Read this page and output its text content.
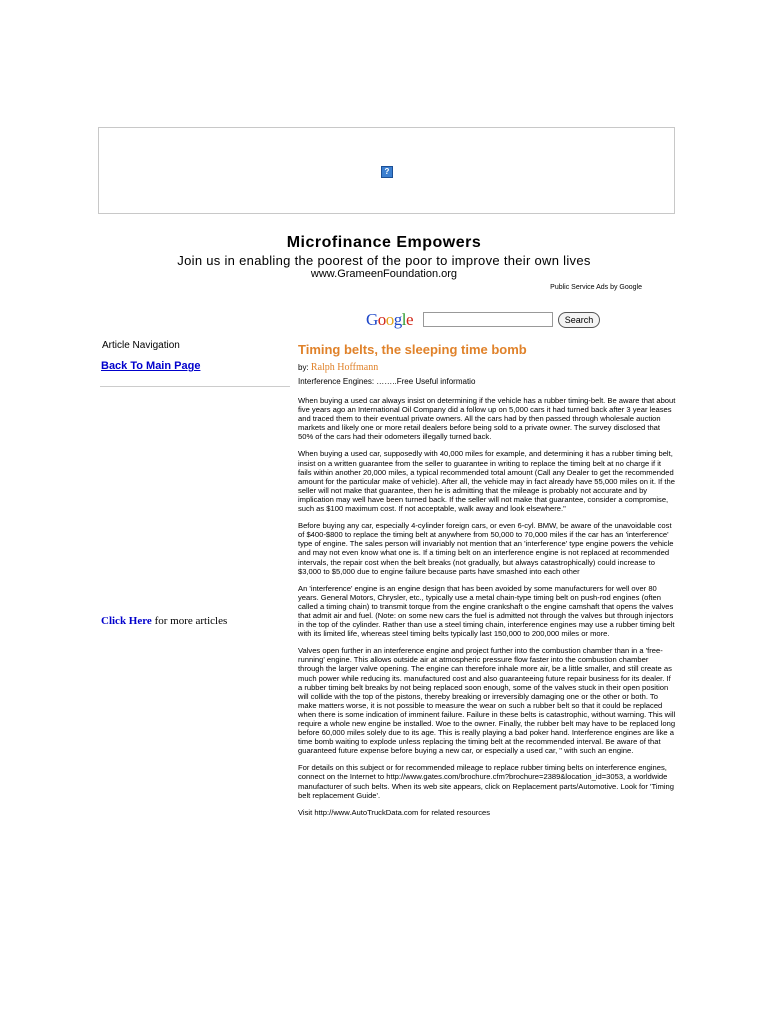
?
Microfinance Empowers
Join us in enabling the poorest of the poor to improve their own lives
www.GrameenFoundation.org
Public Service Ads by Google
Google	Search
Article Navigation
Back To Main Page
Click Here for more articles
Timing belts, the sleeping time bomb
by: Ralph Hoffmann
Interference Engines: ……..Free Useful informatio

When buying a used car always insist on determining if the vehicle has a rubber timing-belt. Be aware that about five years ago an International Oil Company did a follow up on 5,000 cars it had turned back after 3 year leases and traced them to their eventual private owners. All the cars had by then passed through wholesale auction markets and likely one or more retail dealers before being sold to a private owner. The survey disclosed that 50% of the cars had their odometers illegally turned back.

When buying a used car, supposedly with 40,000 miles for example, and determining it has a rubber timing belt, insist on a written guarantee from the seller to guarantee in writing to replace the timing belt at no charge if it fails within another 20,000 miles, a typical recommended total amount (Call any Dealer to get the recommended amount for the particular make of vehicle). After all, the vehicle may in fact already have 55,000 miles on it. If the seller will not make that guarantee, then he is admitting that the mileage is probably not accurate and by implication may well have been turned back. If the seller will not make that guarantee, consider a compromise, such as $100 maximum cost. If not acceptable, walk away and look elsewhere."

Before buying any car, especially 4-cylinder foreign cars, or even 6-cyl. BMW, be aware of the unavoidable cost of $400-$800 to replace the timing belt at anywhere from 50,000 to 70,000 miles if the car has an 'interference' type of engine. The sales person will invariably not mention that an 'interference' type engine powers the vehicle and may not even know what one is. If a timing belt on an interference engine is not replaced at recommended intervals, the repair cost when the belt breaks (not gradually, but always catastrophically) could increase to $3,000 to $5,000 due to engine failure because parts have smashed into each other

An 'interference' engine is an engine design that has been avoided by some manufacturers for well over 80 years. General Motors, Chrysler, etc., typically use a metal chain-type timing belt on push-rod engines (often called a timing chain) to transmit torque from the engine crankshaft o the engine camshaft that opens the valves that admit air and fuel. (Note: on some new cars the fuel is admitted not through the valves but through injectors in the top of the cylinder. Rather than use a steel timing chain, interference engines may use a rubber timing belt with its limited life, whereas steel timing belts typically last 150,000 to 200,000 miles or more.

Valves open further in an interference engine and project further into the combustion chamber than in a 'free-running' engine. This allows outside air at atmospheric pressure flow faster into the combustion chamber through the larger valve opening. The engine can therefore inhale more air, be a little smaller, and still create as much power while reducing its. manufactured cost and also guaranteeing future repair business for its dealer. If a rubber timing belt breaks by not being replaced soon enough, some of the valves stuck in their open position will collide with the top of the pistons, thereby breaking or irreversibly damaging one or the other or both. To make matters worse, it is not possible to measure the wear on such a rubber belt so that it could be replaced when there is some indication of imminent failure. Failure in these belts is catastrophic, without warning. This will require a whole new engine be installed. Woe to the owner. Finally, the rubber belt may have to be replaced long before 60,000 miles solely due to its age. This is really playing a bad poker hand. Interference engines are like a time bomb waiting to explode unless replacing the timing belt at the recommended interval. Be aware of that guaranteed future expense before buying a new car, or especially a used car, " with such an engine.

For details on this subject or for recommended mileage to replace rubber timing belts on interference engines, connect on the Internet to http://www.gates.com/brochure.cfm?brochure=2389&location_id=3053, a worldwide manufacturer of such belts. When its web site appears, click on Replacement parts/Automotive. Look for 'Timing belt replacement Guide'.

Visit http://www.AutoTruckData.com for related resources
